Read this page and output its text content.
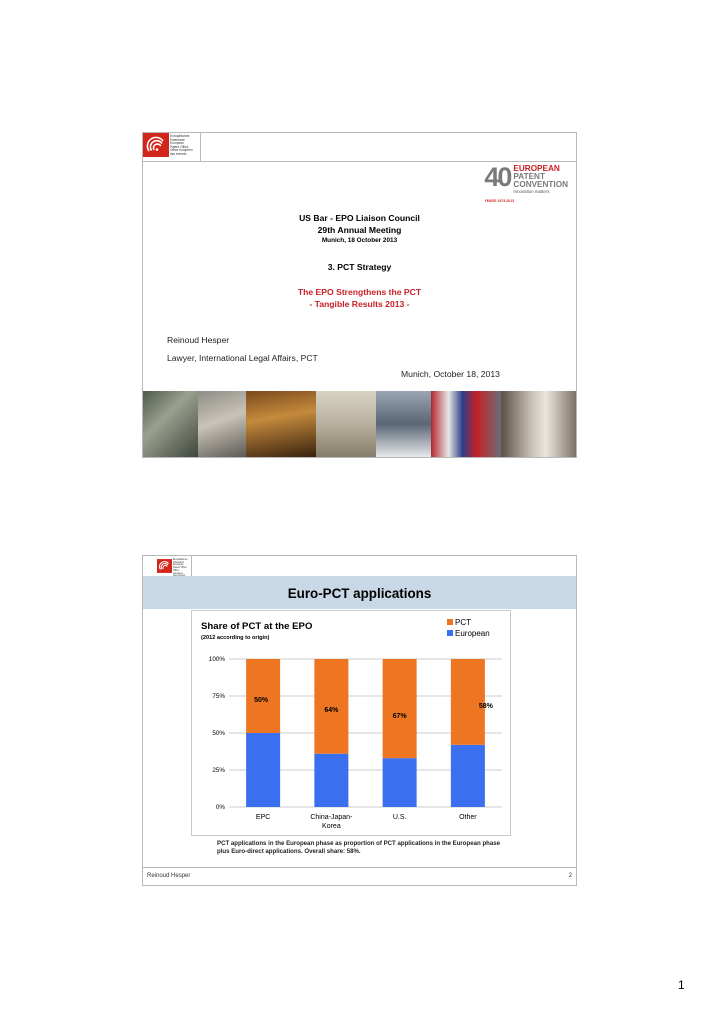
Europäisches
Patentamt
European
Patent Office
Office européen
des brevets
40
YEARS 1973-2013
EUROPEAN
PATENT
CONVENTION
Innovation matters
US Bar - EPO Liaison Council
29th Annual Meeting
Munich, 18 October 2013
3. PCT Strategy
The EPO Strengthens the PCT
- Tangible Results 2013 -
Reinoud Hesper
Lawyer, International Legal Affairs, PCT
Munich, October 18, 2013
Europäisches
Patentamt
European
Patent Office
Office européen
Euro-PCT applications
Share of PCT at the EPO
(2012 according to origin)
PCT
European
0%
25%
50%
75%
100%
50%
EPC
64%
China-Japan-
Korea
67%
U.S.
58%
Other
PCT applications in the European phase as proportion of PCT applications in the European phase plus Euro-direct applications. Overall share: 58%.
Reinoud Hesper	2
1
